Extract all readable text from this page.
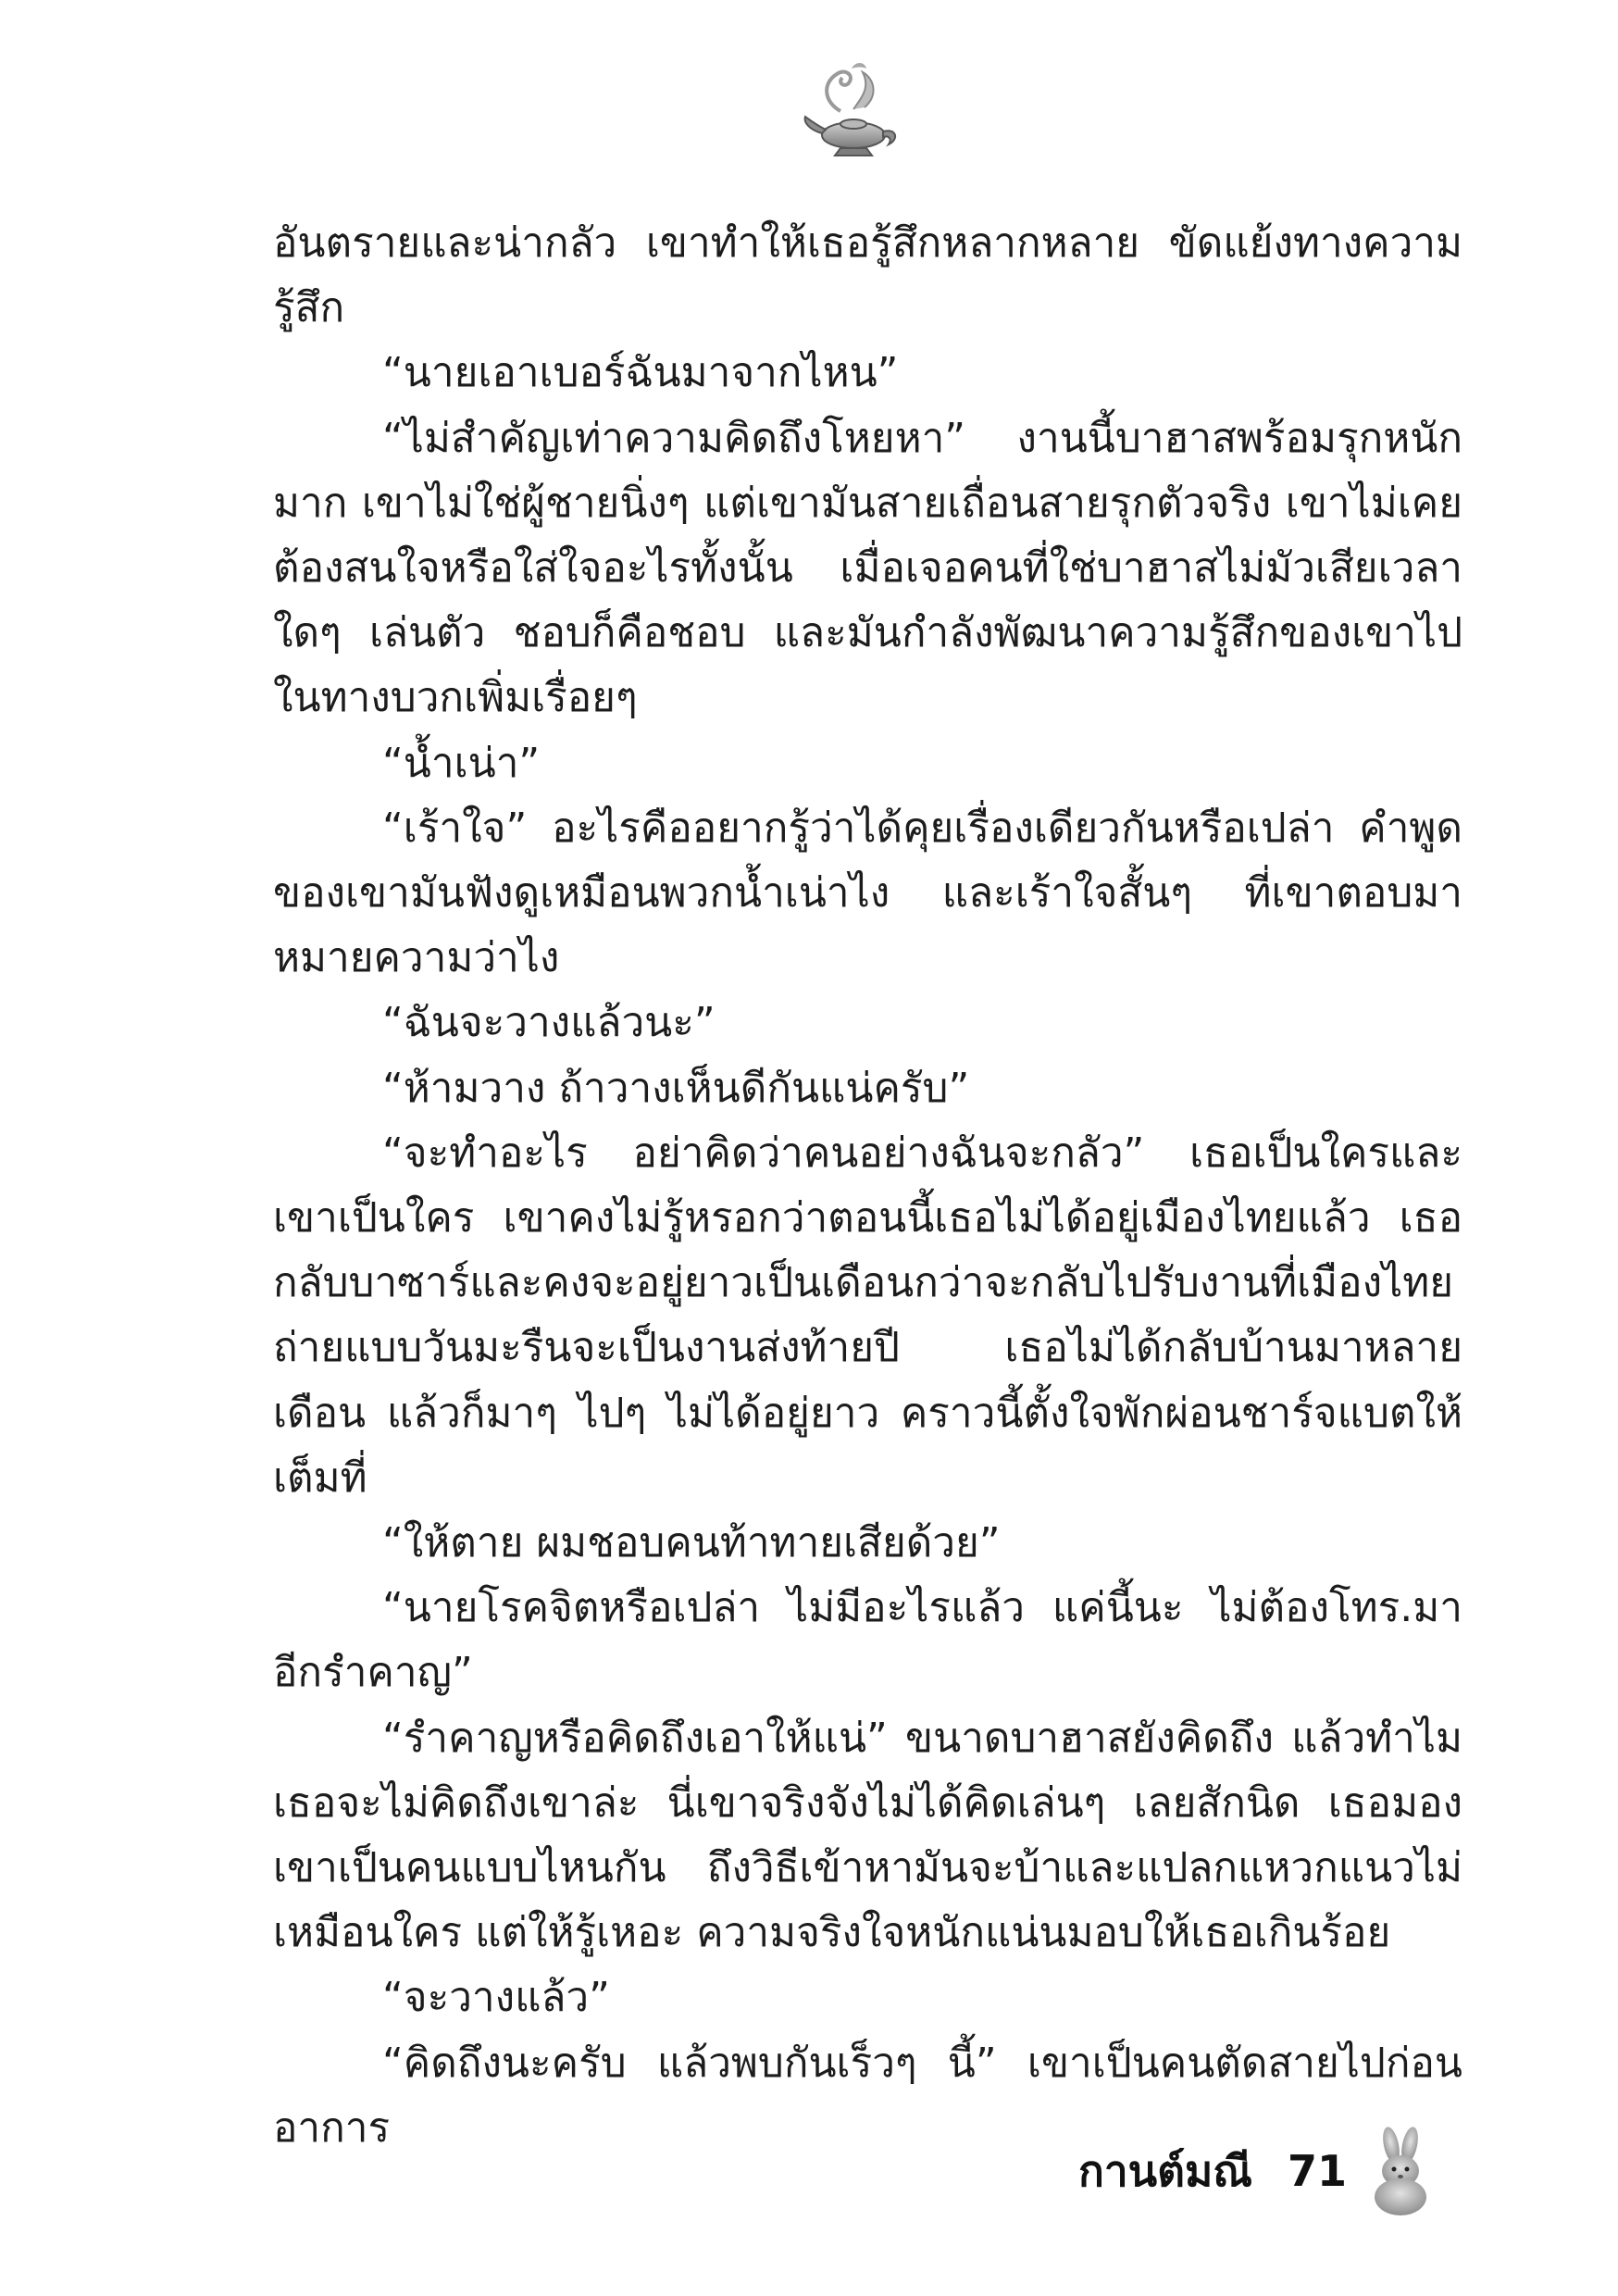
อันตรายและน่ากลัว เขาทำให้เธอรู้สึกหลากหลาย ขัดแย้งทางความรู้สึก

“นายเอาเบอร์ฉันมาจากไหน”

“ไม่สำคัญเท่าความคิดถึงโหยหา” งานนี้บาฮาสพร้อมรุกหนักมาก เขาไม่ใช่ผู้ชายนิ่งๆ แต่เขามันสายเถื่อนสายรุกตัวจริง เขาไม่เคยต้องสนใจหรือใส่ใจอะไรทั้งนั้น เมื่อเจอคนที่ใช่บาฮาสไม่มัวเสียเวลาใดๆ เล่นตัว ชอบก็คือชอบ และมันกำลังพัฒนาความรู้สึกของเขาไปในทางบวกเพิ่มเรื่อยๆ

“น้ำเน่า”

“เร้าใจ” อะไรคืออยากรู้ว่าได้คุยเรื่องเดียวกันหรือเปล่า คำพูดของเขามันฟังดูเหมือนพวกน้ำเน่าไง และเร้าใจสั้นๆ ที่เขาตอบมาหมายความว่าไง

“ฉันจะวางแล้วนะ”

“ห้ามวาง ถ้าวางเห็นดีกันแน่ครับ”

“จะทำอะไร อย่าคิดว่าคนอย่างฉันจะกลัว” เธอเป็นใครและเขาเป็นใคร เขาคงไม่รู้หรอกว่าตอนนี้เธอไม่ได้อยู่เมืองไทยแล้ว เธอกลับบาซาร์และคงจะอยู่ยาวเป็นเดือนกว่าจะกลับไปรับงานที่เมืองไทย ถ่ายแบบวันมะรืนจะเป็นงานส่งท้ายปี เธอไม่ได้กลับบ้านมาหลายเดือน แล้วก็มาๆ ไปๆ ไม่ได้อยู่ยาว คราวนี้ตั้งใจพักผ่อนชาร์จแบตให้เต็มที่

“ให้ตาย ผมชอบคนท้าทายเสียด้วย”

“นายโรคจิตหรือเปล่า ไม่มีอะไรแล้ว แค่นี้นะ ไม่ต้องโทร.มาอีกรำคาญ”

“รำคาญหรือคิดถึงเอาให้แน่” ขนาดบาฮาสยังคิดถึง แล้วทำไมเธอจะไม่คิดถึงเขาล่ะ นี่เขาจริงจังไม่ได้คิดเล่นๆ เลยสักนิด เธอมองเขาเป็นคนแบบไหนกัน ถึงวิธีเข้าหามันจะบ้าและแปลกแหวกแนวไม่เหมือนใคร แต่ให้รู้เหอะ ความจริงใจหนักแน่นมอบให้เธอเกินร้อย

“จะวางแล้ว”

“คิดถึงนะครับ แล้วพบกันเร็วๆ นี้” เขาเป็นคนตัดสายไปก่อน อาการ

กานต์มณี 71
